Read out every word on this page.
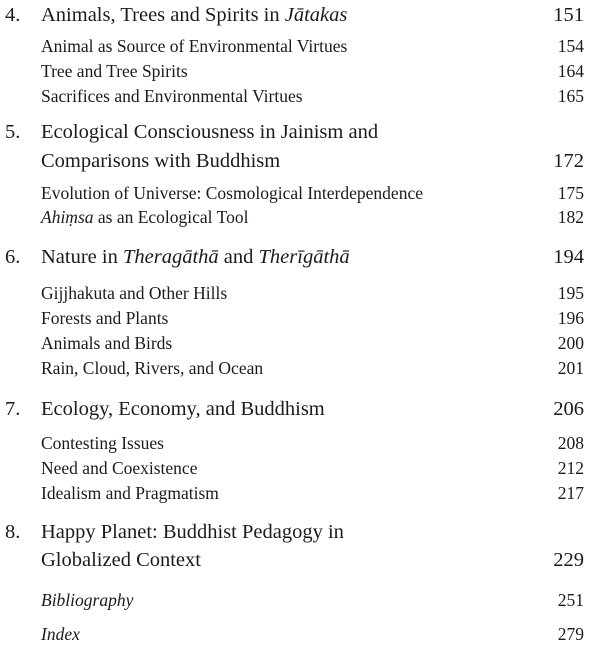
4. Animals, Trees and Spirits in Jātakas	151
Animal as Source of Environmental Virtues	154
Tree and Tree Spirits	164
Sacrifices and Environmental Virtues	165
5. Ecological Consciousness in Jainism and
Comparisons with Buddhism	172
Evolution of Universe: Cosmological Interdependence	175
Ahiṃsa as an Ecological Tool	182
6. Nature in Theragāthā and Therīgāthā	194
Gijjhakuta and Other Hills	195
Forests and Plants	196
Animals and Birds	200
Rain, Cloud, Rivers, and Ocean	201
7. Ecology, Economy, and Buddhism	206
Contesting Issues	208
Need and Coexistence	212
Idealism and Pragmatism	217
8. Happy Planet: Buddhist Pedagogy in
Globalized Context	229
Bibliography	251
Index	279
